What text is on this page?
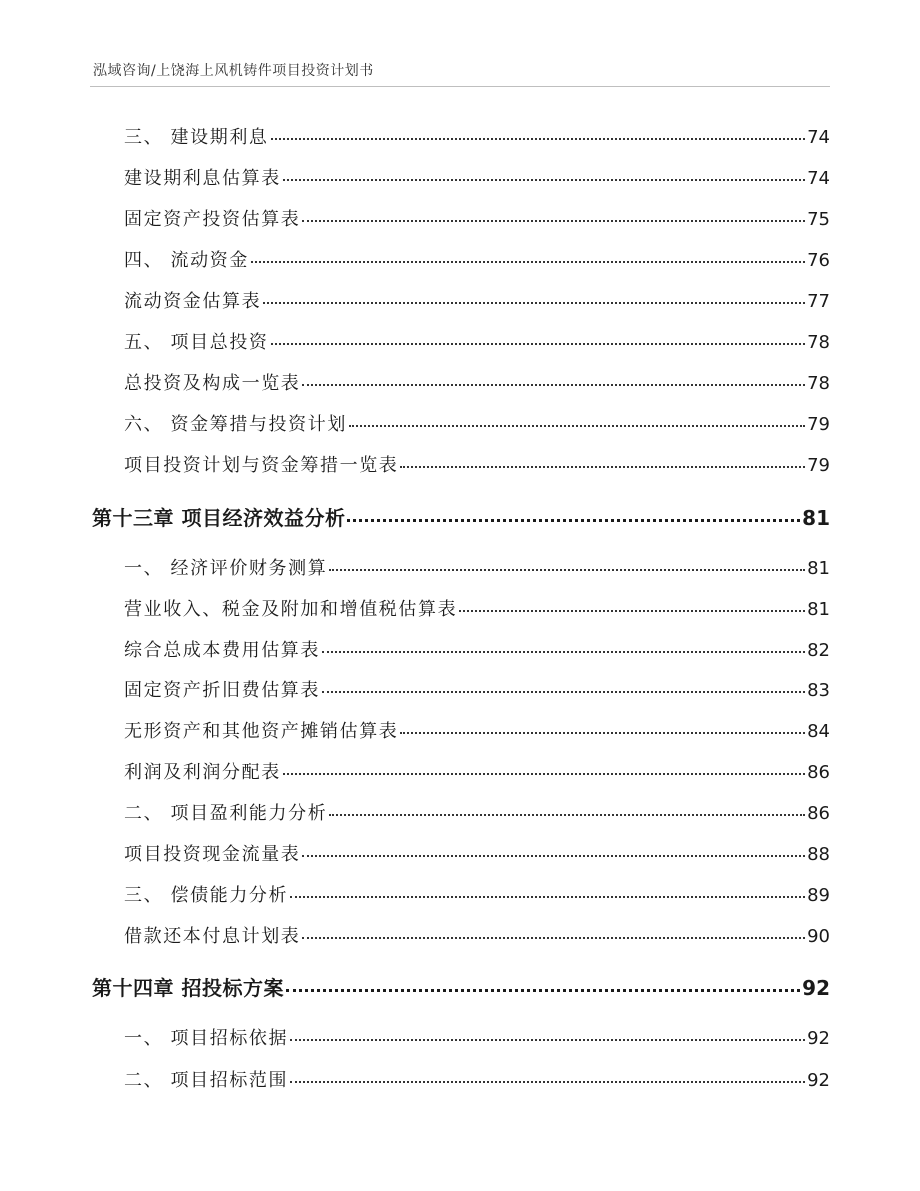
泓域咨询/上饶海上风机铸件项目投资计划书
三、 建设期利息	74
建设期利息估算表	74
固定资产投资估算表	75
四、 流动资金	76
流动资金估算表	77
五、 项目总投资	78
总投资及构成一览表	78
六、 资金筹措与投资计划	79
项目投资计划与资金筹措一览表	79
第十三章 项目经济效益分析	81
一、 经济评价财务测算	81
营业收入、税金及附加和增值税估算表	81
综合总成本费用估算表	82
固定资产折旧费估算表	83
无形资产和其他资产摊销估算表	84
利润及利润分配表	86
二、 项目盈利能力分析	86
项目投资现金流量表	88
三、 偿债能力分析	89
借款还本付息计划表	90
第十四章 招投标方案	92
一、 项目招标依据	92
二、 项目招标范围	92
